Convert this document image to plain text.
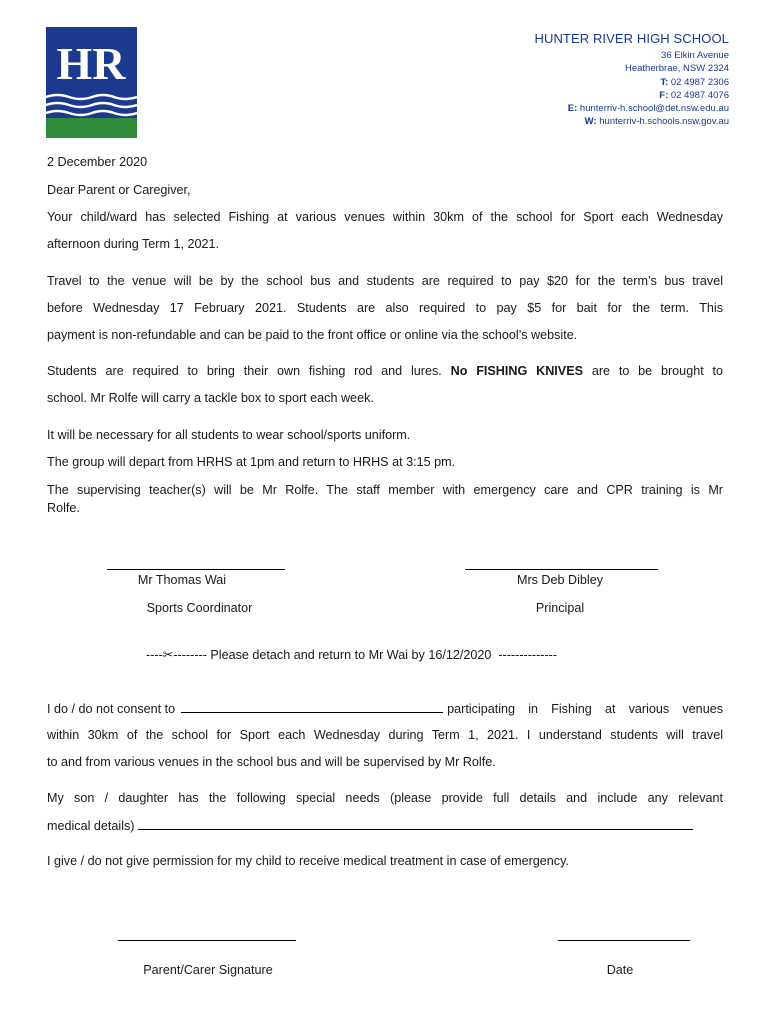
HR	HUNTER RIVER HIGH SCHOOL
36 Elkin Avenue
Heatherbrae, NSW 2324
T: 02 4987 2306
F: 02 4987 4076
E: hunterriv-h.school@det.nsw.edu.au
W: hunterriv-h.schools.nsw.gov.au
2 December 2020
Dear Parent or Caregiver,
Your child/ward has selected Fishing at various venues within 30km of the school for Sport each Wednesday
afternoon during Term 1, 2021.
Travel to the venue will be by the school bus and students are required to pay $20 for the term’s bus travel
before Wednesday 17 February 2021. Students are also required to pay $5 for bait for the term. This
payment is non-refundable and can be paid to the front office or online via the school’s website.
Students are required to bring their own fishing rod and lures. No FISHING KNIVES are to be brought to
school. Mr Rolfe will carry a tackle box to sport each week.
It will be necessary for all students to wear school/sports uniform.
The group will depart from HRHS at 1pm and return to HRHS at 3:15 pm.
The supervising teacher(s) will be Mr Rolfe. The staff member with emergency care and CPR training is Mr
Rolfe.
Mr Thomas Wai
Sports Coordinator
Mrs Deb Dibley
Principal
----✂-------- Please detach and return to Mr Wai by 16/12/2020 --------------
I do / do not consent to	participating in Fishing at various venues
within 30km of the school for Sport each Wednesday during Term 1, 2021. I understand students will travel
to and from various venues in the school bus and will be supervised by Mr Rolfe.
My son / daughter has the following special needs (please provide full details and include any relevant
medical details)
I give / do not give permission for my child to receive medical treatment in case of emergency.
Parent/Carer Signature	Date
